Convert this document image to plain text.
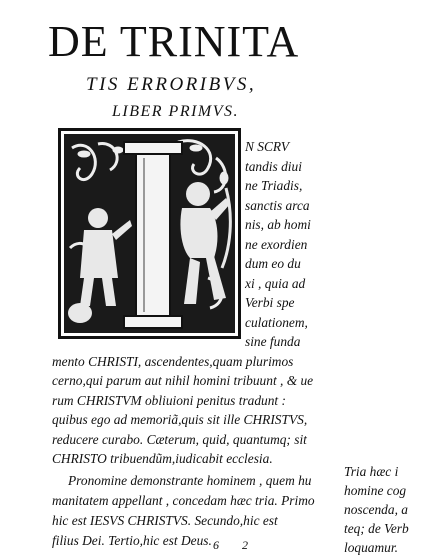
DE TRINITA
TIS ERRORIBVS,
LIBER PRIMVS.
N SCRV
tandis diui
ne Triadis,
sanctis arca
nis, ab homi
ne exordien
dum eo du
xi , quia ad
Verbi spe
culationem,
sine funda
mento CHRISTI, ascendentes,quam plurimos
cerno,qui parum aut nihil homini tribuunt , & ue
rum CHRISTVM obliuioni penitus tradunt :
quibus ego ad memoriã,quis sit ille CHRISTVS,
reducere curabo. Cæterum, quid, quantumq; sit
CHRISTO tribuendũm,iudicabit ecclesia.
Pronomine demonstrante hominem , quem hu
manitatem appellant , concedam hæc tria. Primo
hic est IESVS CHRISTVS. Secundo,hic est
filius Dei. Tertio,hic est Deus.
Tria hæc i
homine cog
noscenda, a
teq; de Verb
loquamur.
6 2
